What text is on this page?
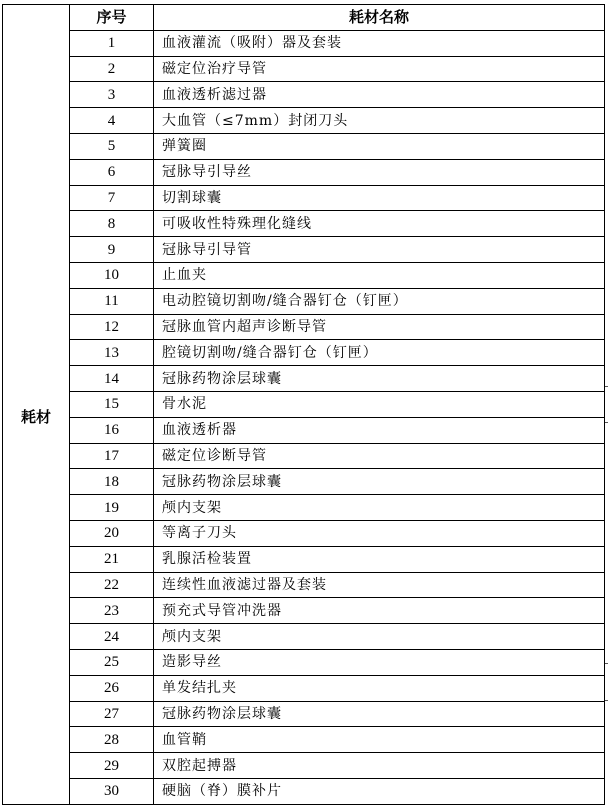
	序号	耗材名称
耗材	1	血液灌流（吸附）器及套装
	2	磁定位治疗导管
	3	血液透析滤过器
	4	大血管（≤7mm）封闭刀头
	5	弹簧圈
	6	冠脉导引导丝
	7	切割球囊
	8	可吸收性特殊理化缝线
	9	冠脉导引导管
	10	止血夹
	11	电动腔镜切割吻/缝合器钉仓（钉匣）
	12	冠脉血管内超声诊断导管
	13	腔镜切割吻/缝合器钉仓（钉匣）
	14	冠脉药物涂层球囊
	15	骨水泥
	16	血液透析器
	17	磁定位诊断导管
	18	冠脉药物涂层球囊
	19	颅内支架
	20	等离子刀头
	21	乳腺活检装置
	22	连续性血液滤过器及套装
	23	预充式导管冲洗器
	24	颅内支架
	25	造影导丝
	26	单发结扎夹
	27	冠脉药物涂层球囊
	28	血管鞘
	29	双腔起搏器
	30	硬脑（脊）膜补片
